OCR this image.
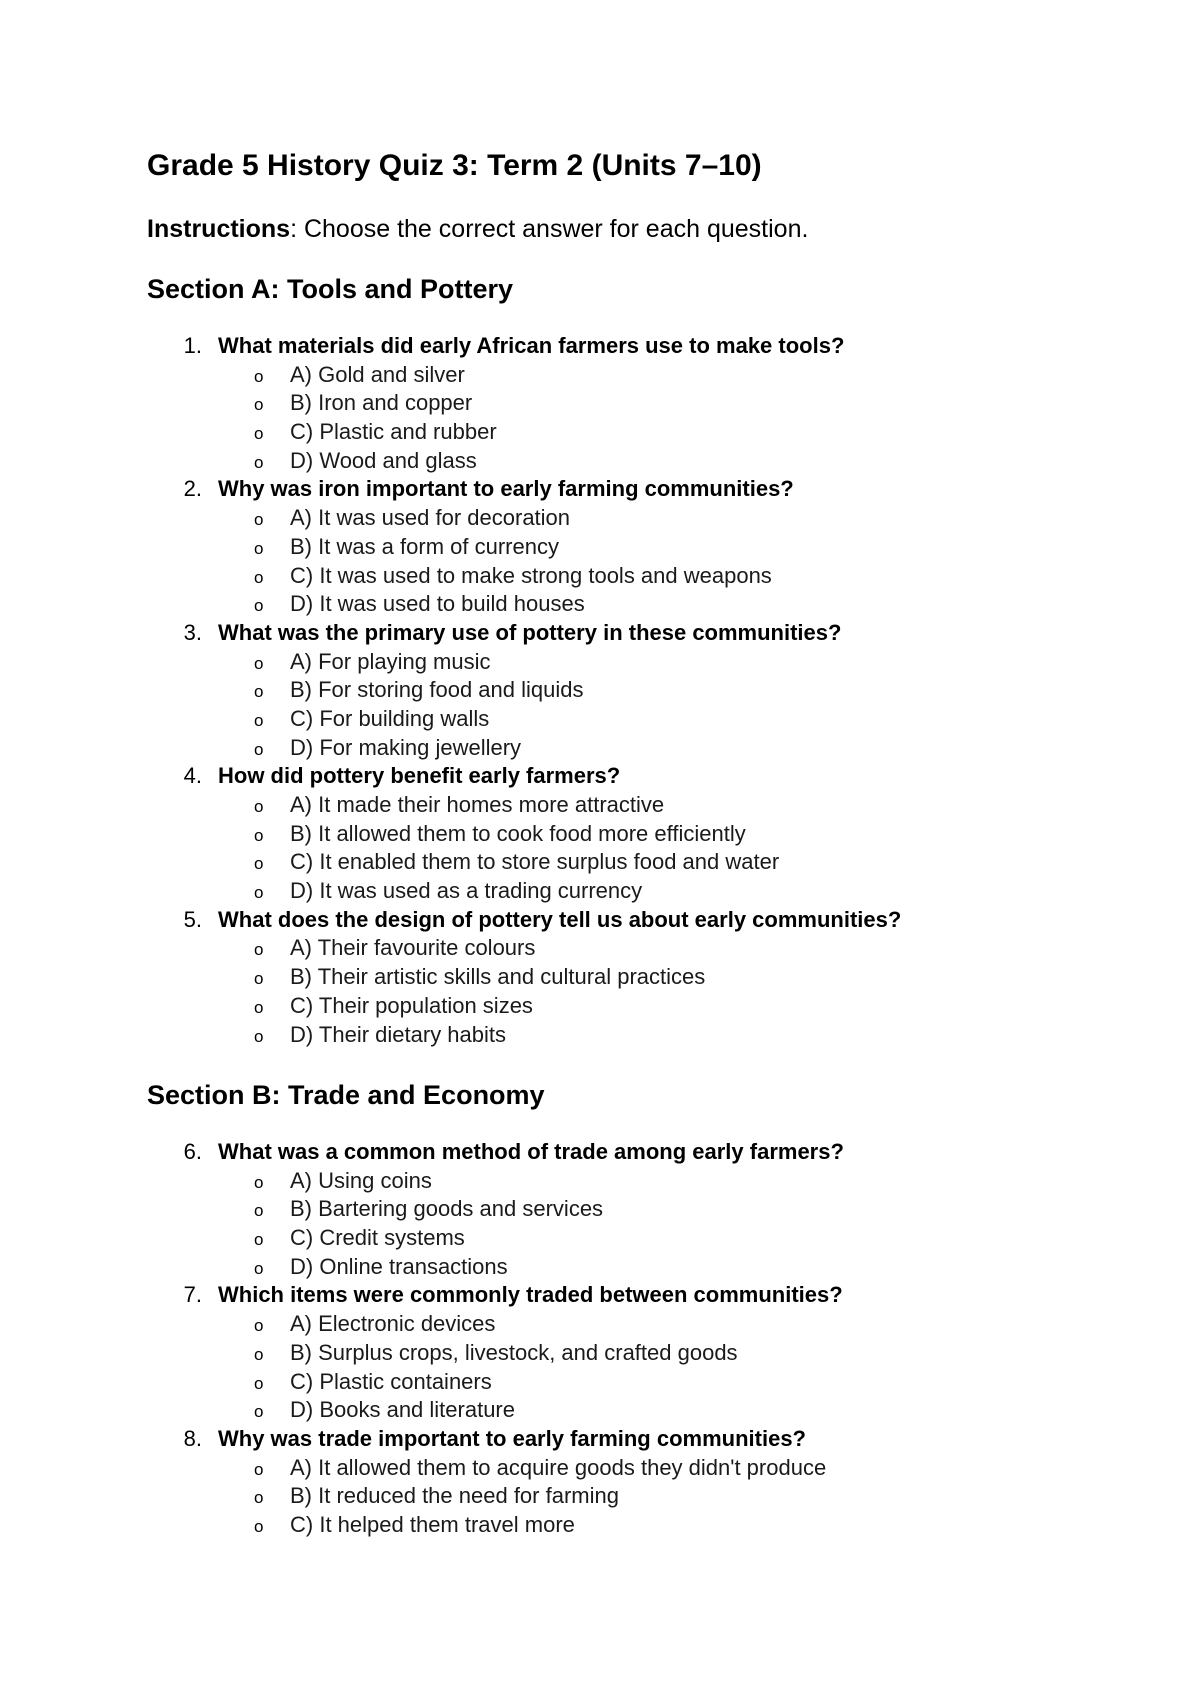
Grade 5 History Quiz 3: Term 2 (Units 7–10)
Instructions: Choose the correct answer for each question.
Section A: Tools and Pottery
1. What materials did early African farmers use to make tools?
o A) Gold and silver
o B) Iron and copper
o C) Plastic and rubber
o D) Wood and glass
2. Why was iron important to early farming communities?
o A) It was used for decoration
o B) It was a form of currency
o C) It was used to make strong tools and weapons
o D) It was used to build houses
3. What was the primary use of pottery in these communities?
o A) For playing music
o B) For storing food and liquids
o C) For building walls
o D) For making jewellery
4. How did pottery benefit early farmers?
o A) It made their homes more attractive
o B) It allowed them to cook food more efficiently
o C) It enabled them to store surplus food and water
o D) It was used as a trading currency
5. What does the design of pottery tell us about early communities?
o A) Their favourite colours
o B) Their artistic skills and cultural practices
o C) Their population sizes
o D) Their dietary habits
Section B: Trade and Economy
6. What was a common method of trade among early farmers?
o A) Using coins
o B) Bartering goods and services
o C) Credit systems
o D) Online transactions
7. Which items were commonly traded between communities?
o A) Electronic devices
o B) Surplus crops, livestock, and crafted goods
o C) Plastic containers
o D) Books and literature
8. Why was trade important to early farming communities?
o A) It allowed them to acquire goods they didn't produce
o B) It reduced the need for farming
o C) It helped them travel more
